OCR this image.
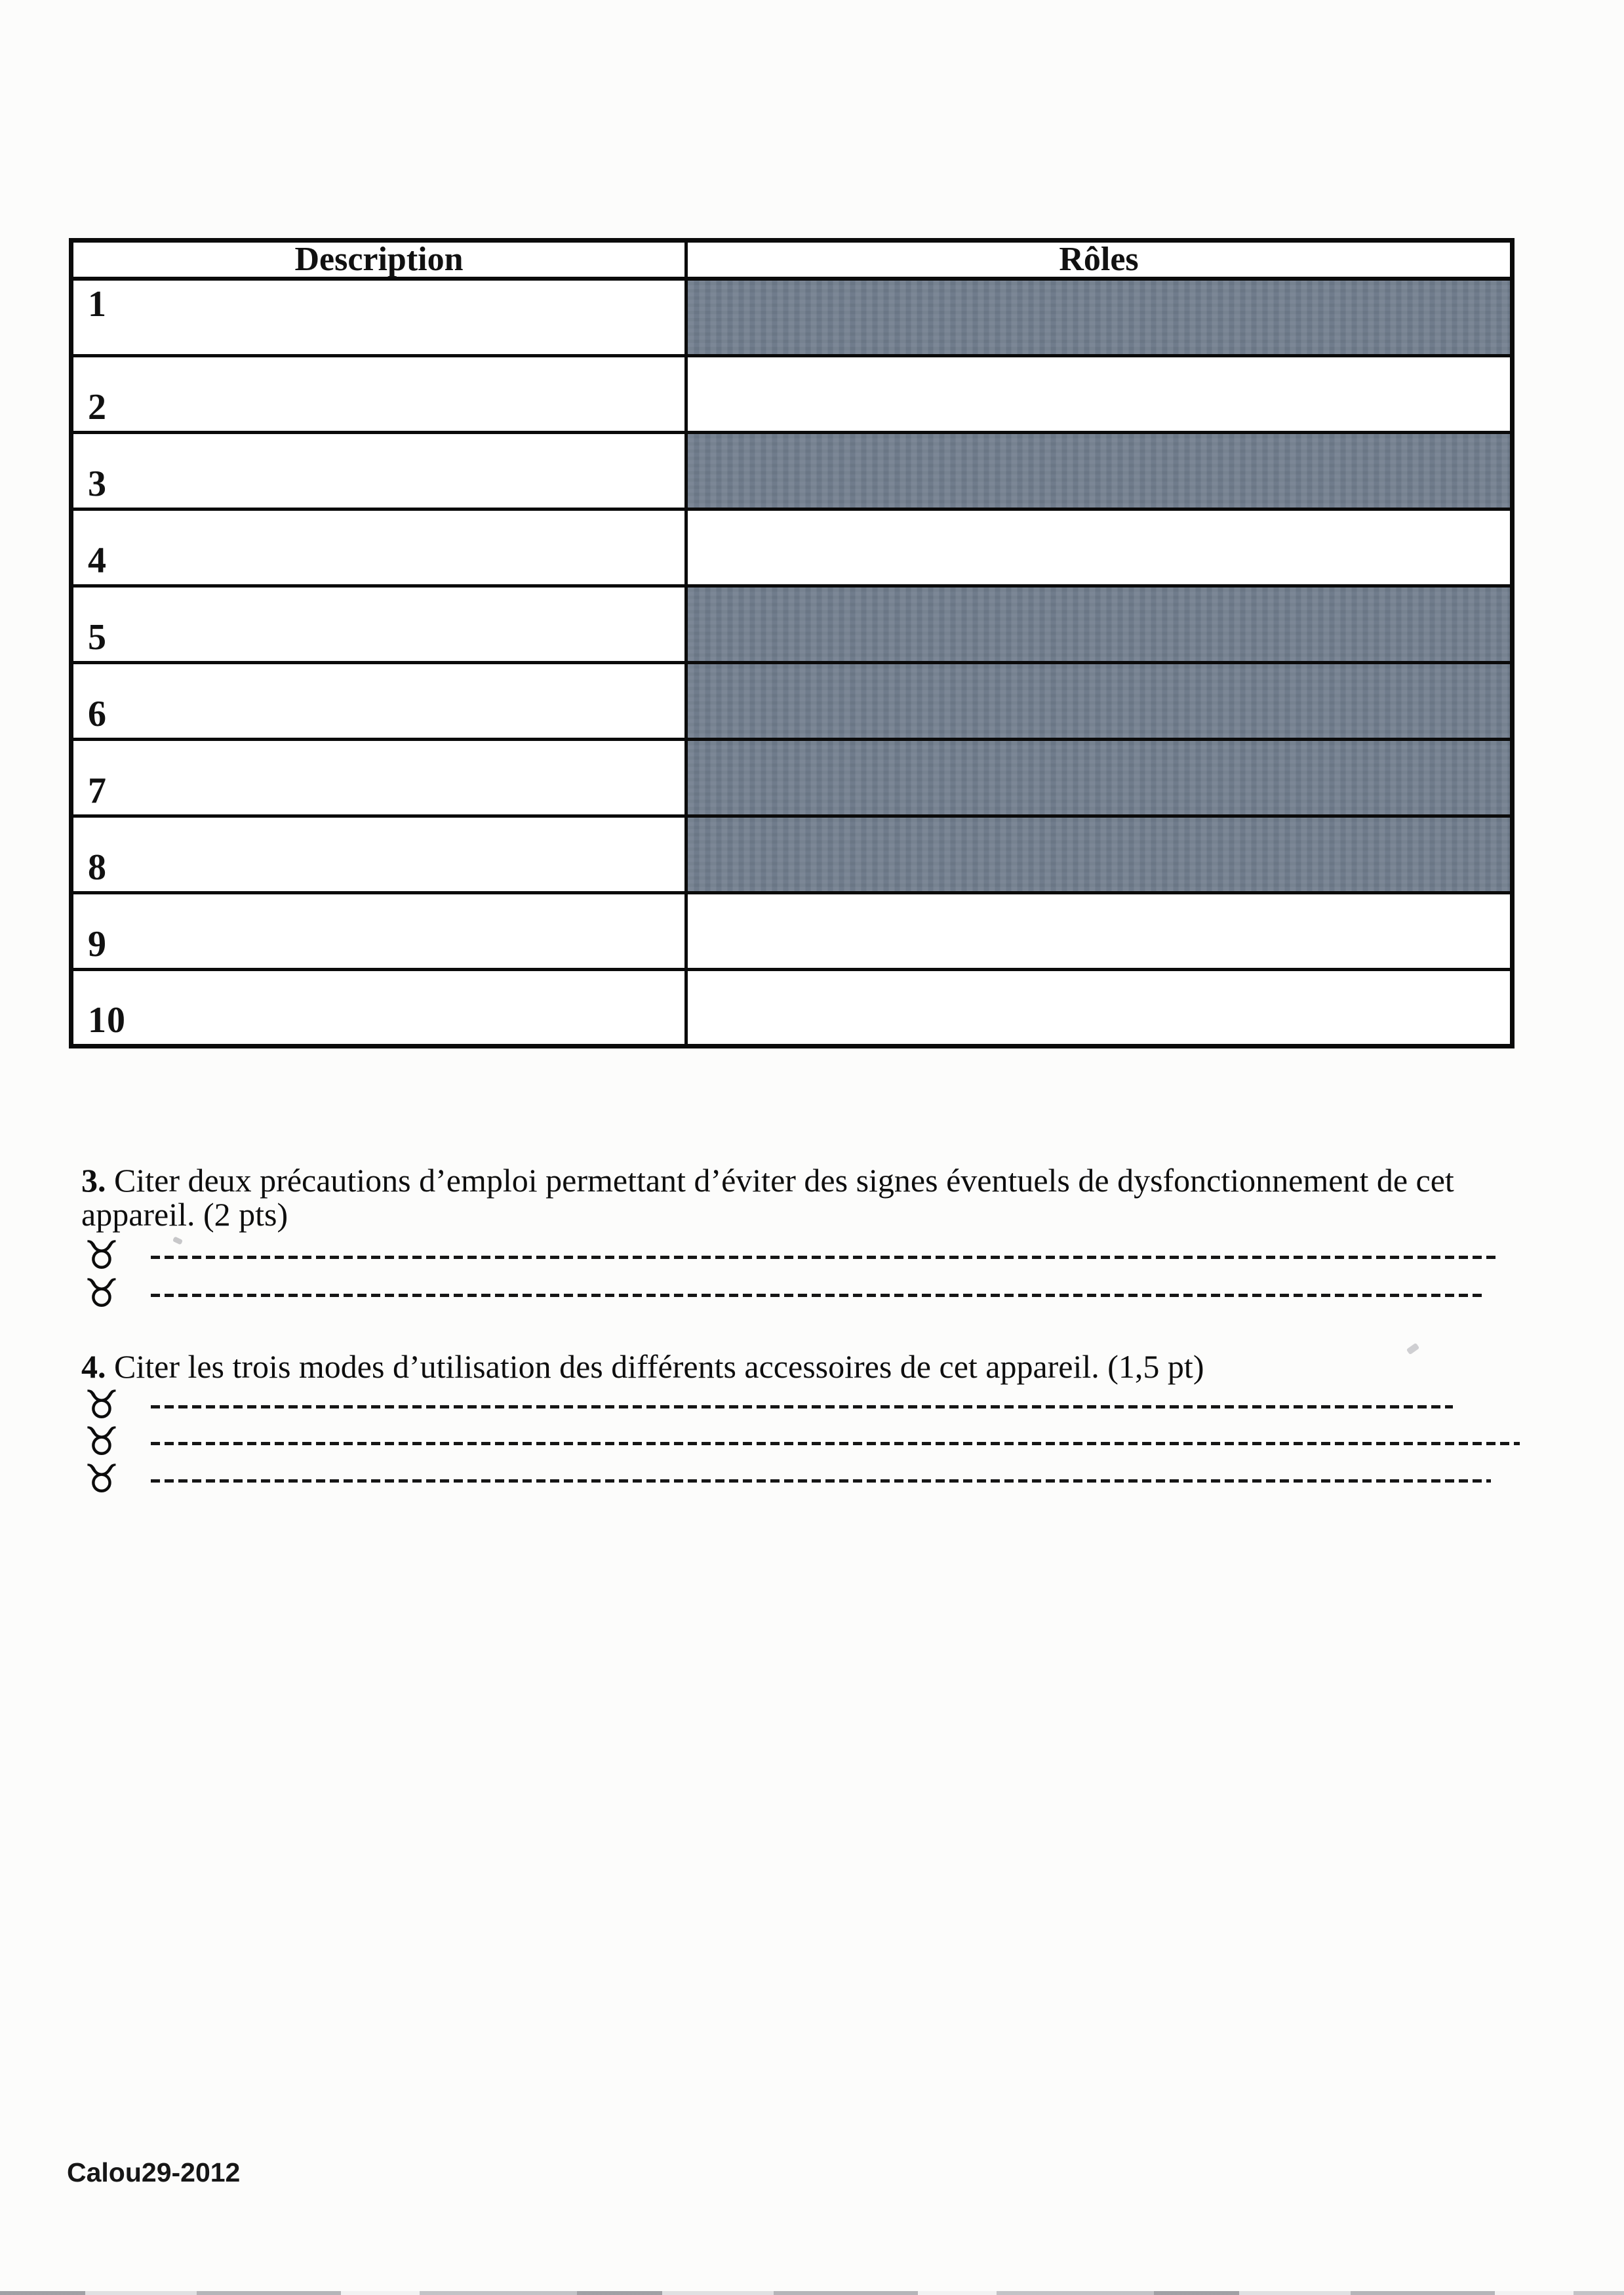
Description	Rôles
1	
2	
3	
4	
5	
6	
7	
8	
9	
10	
3. Citer deux précautions d’emploi permettant d’éviter des signes éventuels de dysfonctionnement de cet
appareil. (2 pts)
♉
♉
4. Citer les trois modes d’utilisation des différents accessoires de cet appareil. (1,5 pt)
♉
♉
♉
Calou29-2012
